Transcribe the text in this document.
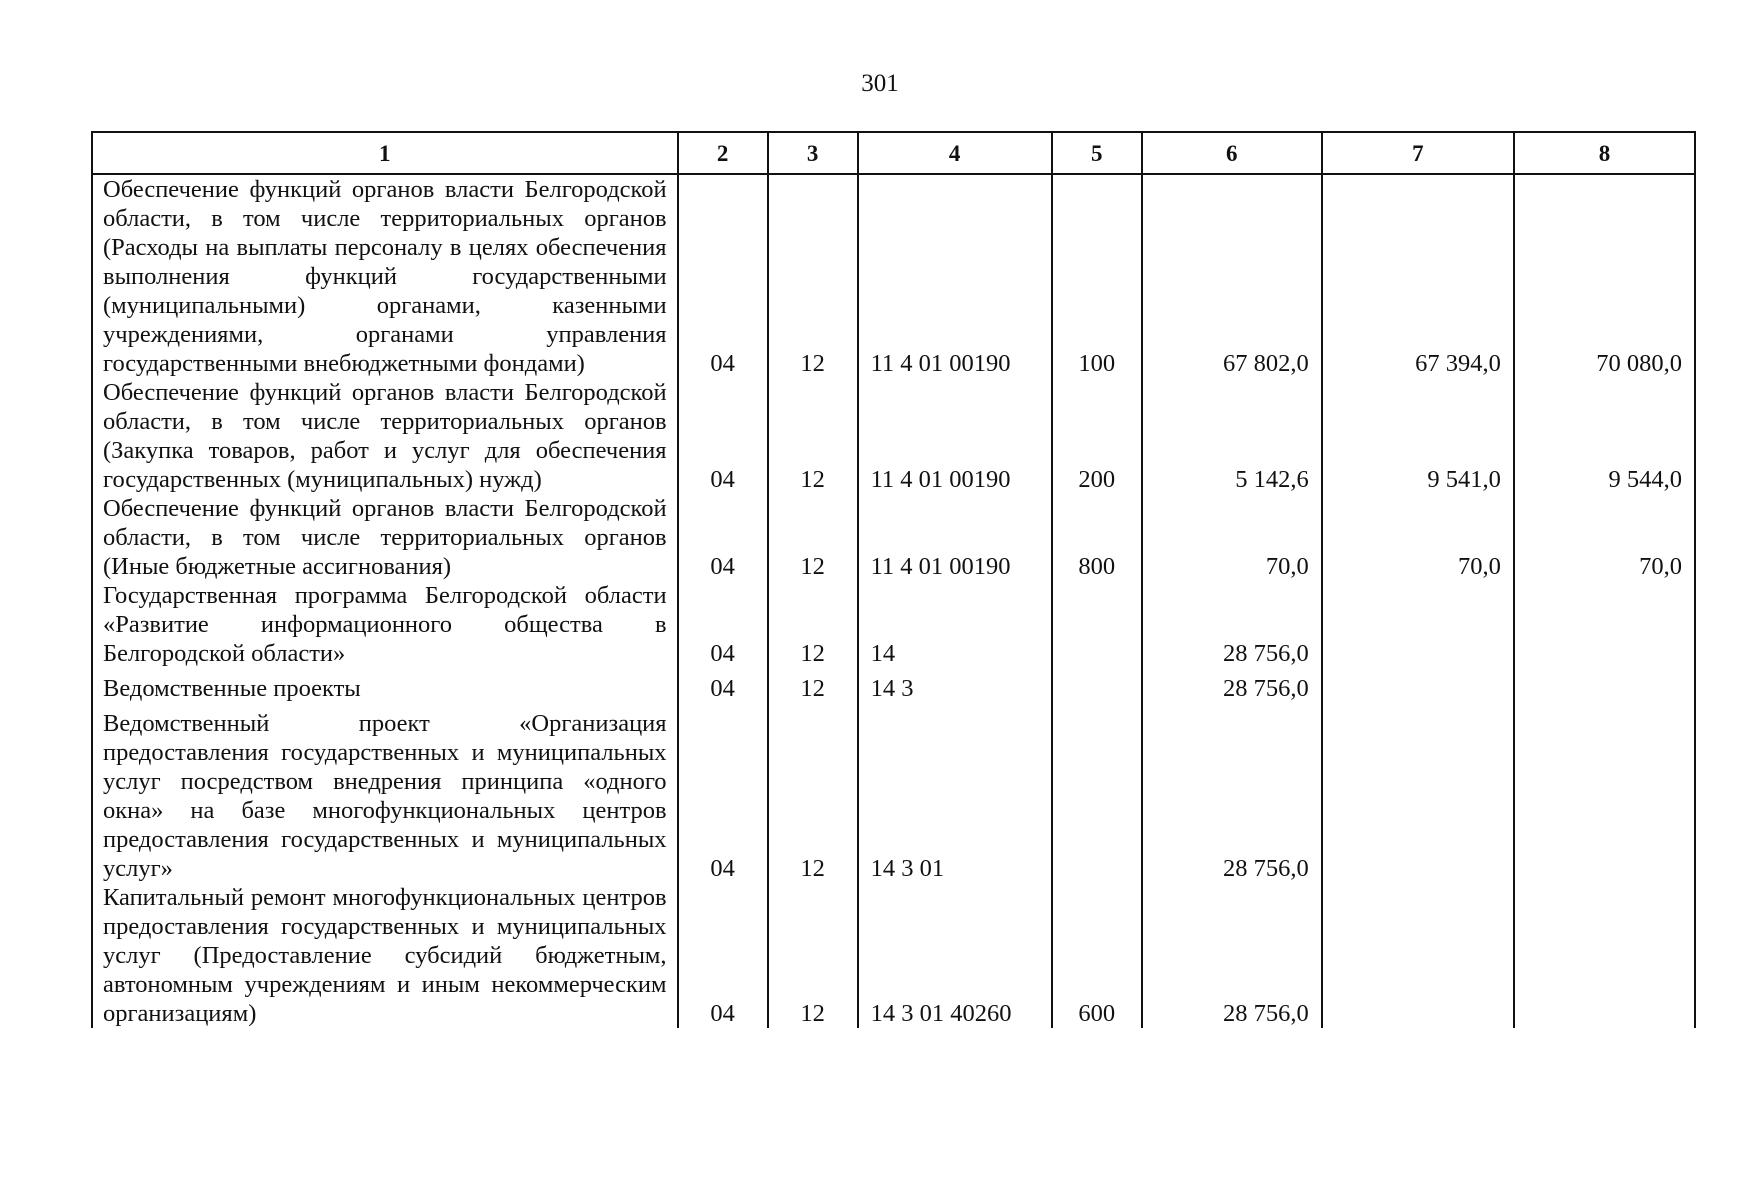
301
1	2	3	4	5	6	7	8
Обеспечение функций органов власти Белгородской области, в том числе территориальных органов (Расходы на выплаты персоналу в целях обеспечения выполнения функций государственными (муниципальными) органами, казенными учреждениями, органами управления государственными внебюджетными фондами)	04	12	11 4 01 00190	100	67 802,0	67 394,0	70 080,0
Обеспечение функций органов власти Белгородской области, в том числе территориальных органов (Закупка товаров, работ и услуг для обеспечения государственных (муниципальных) нужд)	04	12	11 4 01 00190	200	5 142,6	9 541,0	9 544,0
Обеспечение функций органов власти Белгородской области, в том числе территориальных органов (Иные бюджетные ассигнования)	04	12	11 4 01 00190	800	70,0	70,0	70,0
Государственная программа Белгородской области «Развитие информационного общества в Белгородской области»	04	12	14		28 756,0		
Ведомственные проекты	04	12	14 3		28 756,0		
Ведомственный проект «Организация предоставления государственных и муниципальных услуг посредством внедрения принципа «одного окна» на базе многофункциональных центров предоставления государственных и муниципальных услуг»	04	12	14 3 01		28 756,0		
Капитальный ремонт многофункциональных центров предоставления государственных и муниципальных услуг (Предоставление субсидий бюджетным, автономным учреждениям и иным некоммерческим организациям)	04	12	14 3 01 40260	600	28 756,0		
